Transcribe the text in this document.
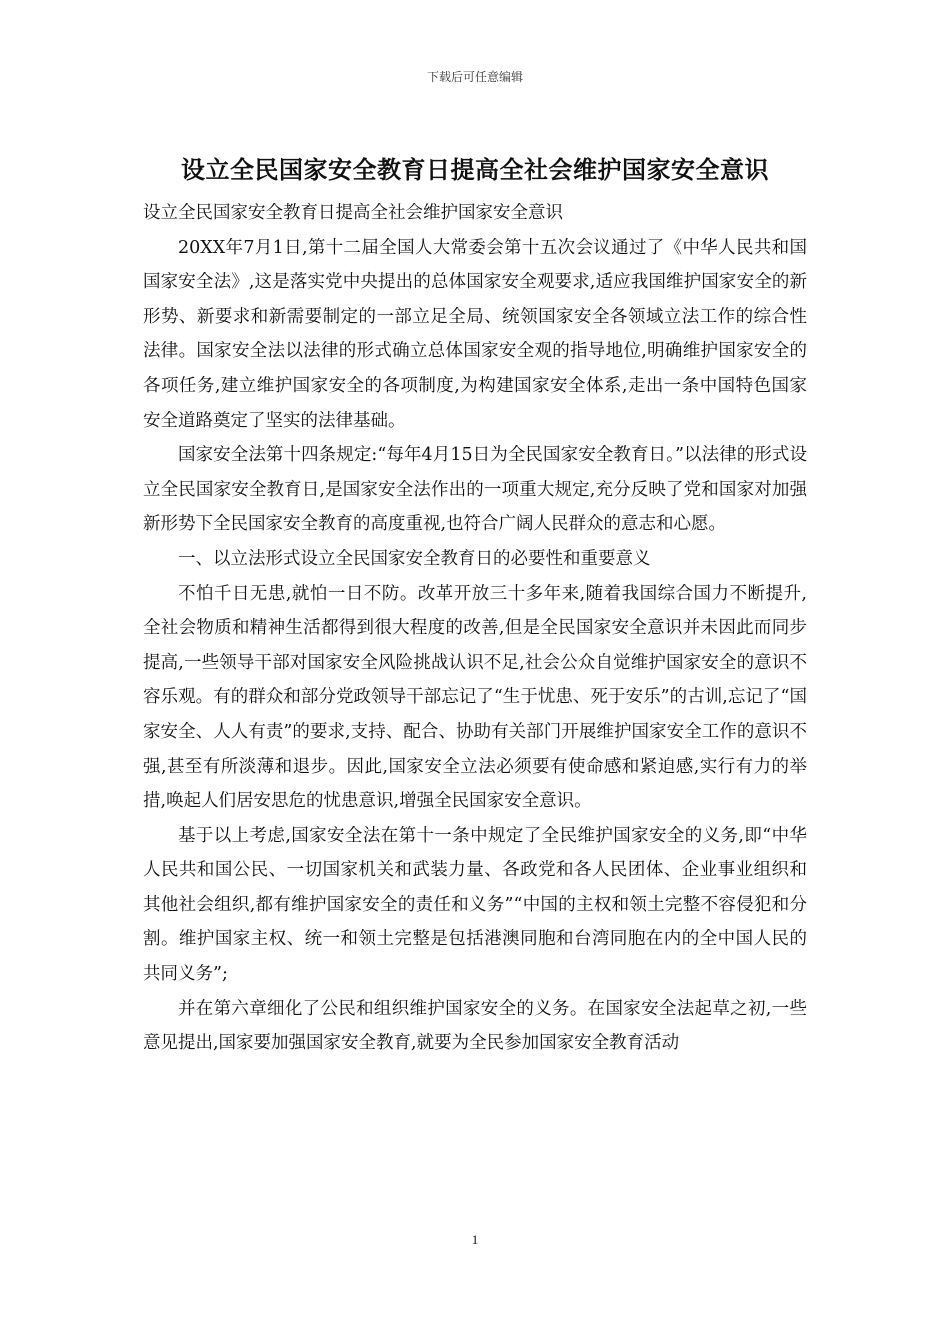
下载后可任意编辑
设立全民国家安全教育日提高全社会维护国家安全意识

设立全民国家安全教育日提高全社会维护国家安全意识

20XX年7月1日,第十二届全国人大常委会第十五次会议通过了《中华人民共和国国家安全法》,这是落实党中央提出的总体国家安全观要求,适应我国维护国家安全的新形势、新要求和新需要制定的一部立足全局、统领国家安全各领域立法工作的综合性法律。国家安全法以法律的形式确立总体国家安全观的指导地位,明确维护国家安全的各项任务,建立维护国家安全的各项制度,为构建国家安全体系,走出一条中国特色国家安全道路奠定了坚实的法律基础。

国家安全法第十四条规定:“每年4月15日为全民国家安全教育日。”以法律的形式设立全民国家安全教育日,是国家安全法作出的一项重大规定,充分反映了党和国家对加强新形势下全民国家安全教育的高度重视,也符合广阔人民群众的意志和心愿。

一、以立法形式设立全民国家安全教育日的必要性和重要意义

不怕千日无患,就怕一日不防。改革开放三十多年来,随着我国综合国力不断提升,全社会物质和精神生活都得到很大程度的改善,但是全民国家安全意识并未因此而同步提高,一些领导干部对国家安全风险挑战认识不足,社会公众自觉维护国家安全的意识不容乐观。有的群众和部分党政领导干部忘记了“生于忧患、死于安乐”的古训,忘记了“国家安全、人人有责”的要求,支持、配合、协助有关部门开展维护国家安全工作的意识不强,甚至有所淡薄和退步。因此,国家安全立法必须要有使命感和紧迫感,实行有力的举措,唤起人们居安思危的忧患意识,增强全民国家安全意识。

基于以上考虑,国家安全法在第十一条中规定了全民维护国家安全的义务,即“中华人民共和国公民、一切国家机关和武装力量、各政党和各人民团体、企业事业组织和其他社会组织,都有维护国家安全的责任和义务”“中国的主权和领土完整不容侵犯和分割。维护国家主权、统一和领土完整是包括港澳同胞和台湾同胞在内的全中国人民的共同义务”;

并在第六章细化了公民和组织维护国家安全的义务。在国家安全法起草之初,一些意见提出,国家要加强国家安全教育,就要为全民参加国家安全教育活动

1
